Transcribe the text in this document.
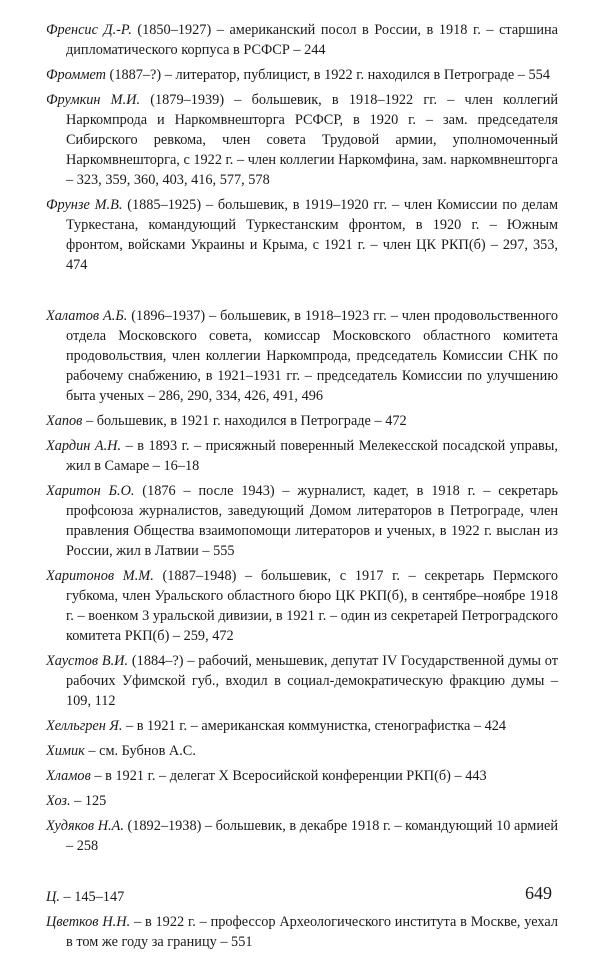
Френсис Д.-Р. (1850–1927) – американский посол в России, в 1918 г. – старшина дипломатического корпуса в РСФСР – 244

Фроммет (1887–?) – литератор, публицист, в 1922 г. находился в Петрограде – 554

Фрумкин М.И. (1879–1939) – большевик, в 1918–1922 гг. – член коллегий Наркомпрода и Наркомвнешторга РСФСР, в 1920 г. – зам. председателя Сибирского ревкома, член совета Трудовой армии, уполномоченный Наркомвнешторга, с 1922 г. – член коллегии Наркомфина, зам. наркомвнешторга – 323, 359, 360, 403, 416, 577, 578

Фрунзе М.В. (1885–1925) – большевик, в 1919–1920 гг. – член Комиссии по делам Туркестана, командующий Туркестанским фронтом, в 1920 г. – Южным фронтом, войсками Украины и Крыма, с 1921 г. – член ЦК РКП(б) – 297, 353, 474

Халатов А.Б. (1896–1937) – большевик, в 1918–1923 гг. – член продовольственного отдела Московского совета, комиссар Московского областного комитета продовольствия, член коллегии Наркомпрода, председатель Комиссии СНК по рабочему снабжению, в 1921–1931 гг. – председатель Комиссии по улучшению быта ученых – 286, 290, 334, 426, 491, 496

Хапов – большевик, в 1921 г. находился в Петрограде – 472

Хардин А.Н. – в 1893 г. – присяжный поверенный Мелекесской посадской управы, жил в Самаре – 16–18

Харитон Б.О. (1876 – после 1943) – журналист, кадет, в 1918 г. – секретарь профсоюза журналистов, заведующий Домом литераторов в Петрограде, член правления Общества взаимопомощи литераторов и ученых, в 1922 г. выслан из России, жил в Латвии – 555

Харитонов М.М. (1887–1948) – большевик, с 1917 г. – секретарь Пермского губкома, член Уральского областного бюро ЦК РКП(б), в сентябре–ноябре 1918 г. – военком 3 уральской дивизии, в 1921 г. – один из секретарей Петроградского комитета РКП(б) – 259, 472

Хаустов В.И. (1884–?) – рабочий, меньшевик, депутат IV Государственной думы от рабочих Уфимской губ., входил в социал-демократическую фракцию думы – 109, 112

Хелльгрен Я. – в 1921 г. – американская коммунистка, стенографистка – 424

Химик – см. Бубнов А.С.

Хламов – в 1921 г. – делегат X Всеросийской конференции РКП(б) – 443

Хоз. – 125

Худяков Н.А. (1892–1938) – большевик, в декабре 1918 г. – командующий 10 армией – 258

Ц. – 145–147

Цветков Н.Н. – в 1922 г. – профессор Археологического института в Москве, уехал в том же году за границу – 551

649
